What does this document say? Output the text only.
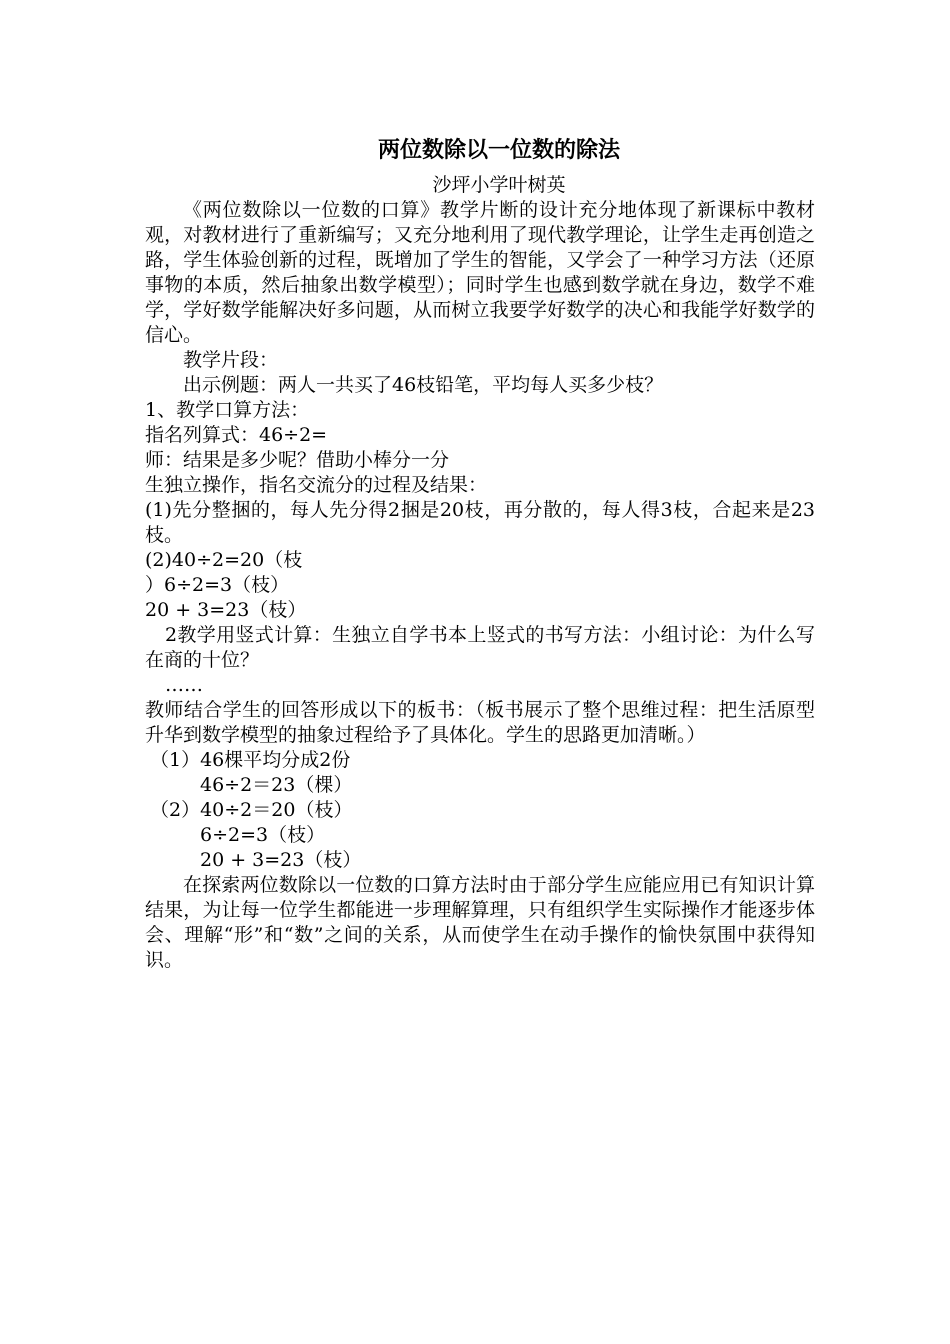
两位数除以一位数的除法
沙坪小学叶树英

《两位数除以一位数的口算》教学片断的设计充分地体现了新课标中教材观，对教材进行了重新编写；又充分地利用了现代教学理论，让学生走再创造之路，学生体验创新的过程，既增加了学生的智能，又学会了一种学习方法（还原事物的本质，然后抽象出数学模型）；同时学生也感到数学就在身边，数学不难学，学好数学能解决好多问题，从而树立我要学好数学的决心和我能学好数学的信心。

教学片段：

出示例题：两人一共买了46枝铅笔，平均每人买多少枝？

1、教学口算方法：

指名列算式：46÷2=

师：结果是多少呢？借助小棒分一分

生独立操作，指名交流分的过程及结果：

(1)先分整捆的，每人先分得2捆是20枝，再分散的，每人得3枝，合起来是23枝。

(2)40÷2=20（枝

）6÷2=3（枝）

20 + 3=23（枝）

2教学用竖式计算：生独立自学书本上竖式的书写方法：小组讨论：为什么写在商的十位？

……

教师结合学生的回答形成以下的板书：（板书展示了整个思维过程：把生活原型升华到数学模型的抽象过程给予了具体化。学生的思路更加清晰。）

（1）46棵平均分成2份

46÷2＝23（棵）

（2）40÷2＝20（枝）

6÷2=3（枝）

20 + 3=23（枝）

在探索两位数除以一位数的口算方法时由于部分学生应能应用已有知识计算结果，为让每一位学生都能进一步理解算理，只有组织学生实际操作才能逐步体会、理解“形”和“数”之间的关系，从而使学生在动手操作的愉快氛围中获得知识。
